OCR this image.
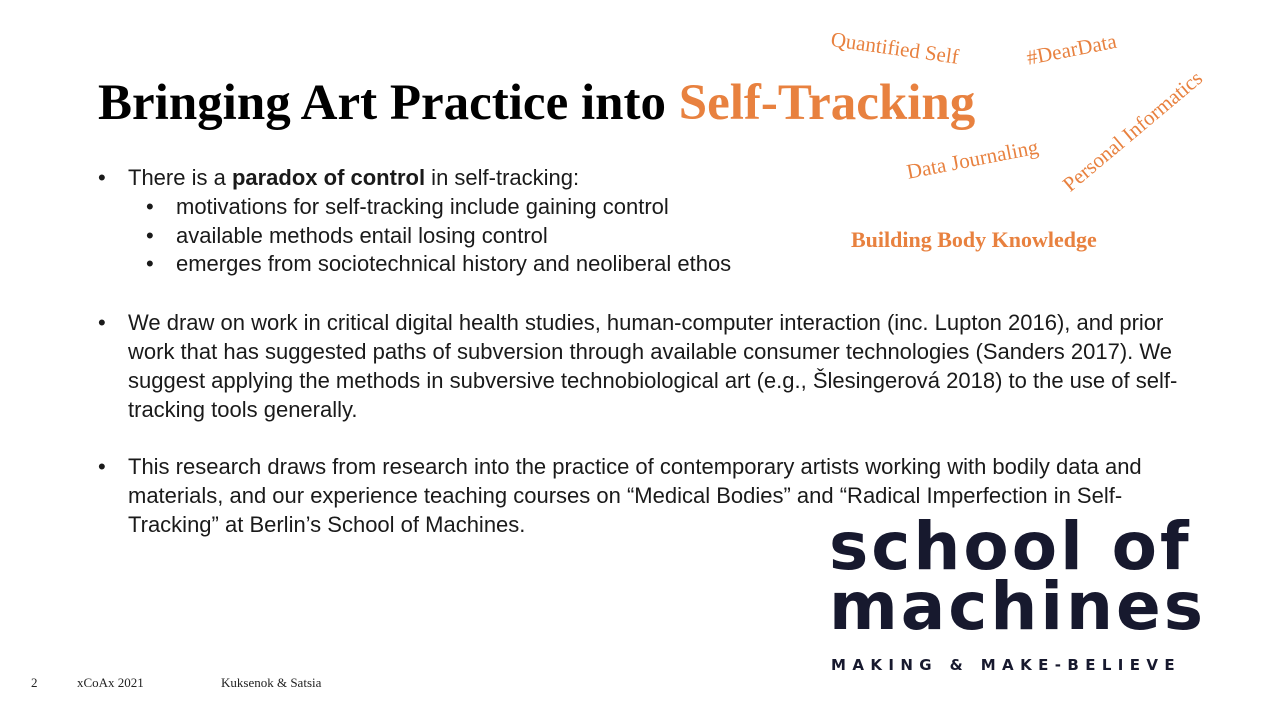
Bringing Art Practice into Self-Tracking

Quantified Self	#DearData

Personal Informatics

Data Journaling

Building Body Knowledge

• There is a paradox of control in self-tracking:

• motivations for self-tracking include gaining control

• available methods entail losing control

• emerges from sociotechnical history and neoliberal ethos

• We draw on work in critical digital health studies, human-computer interaction (inc. Lupton 2016), and prior work that has suggested paths of subversion through available consumer technologies (Sanders 2017). We suggest applying the methods in subversive technobiological art (e.g., Šlesingerová 2018) to the use of self-tracking tools generally.

• This research draws from research into the practice of contemporary artists working with bodily data and materials, and our experience teaching courses on “Medical Bodies” and “Radical Imperfection in Self-Tracking” at Berlin’s School of Machines.	school of

machines

MAKING & MAKE-BELIEVE

2	xCoAx 2021	Kuksenok & Satsia
